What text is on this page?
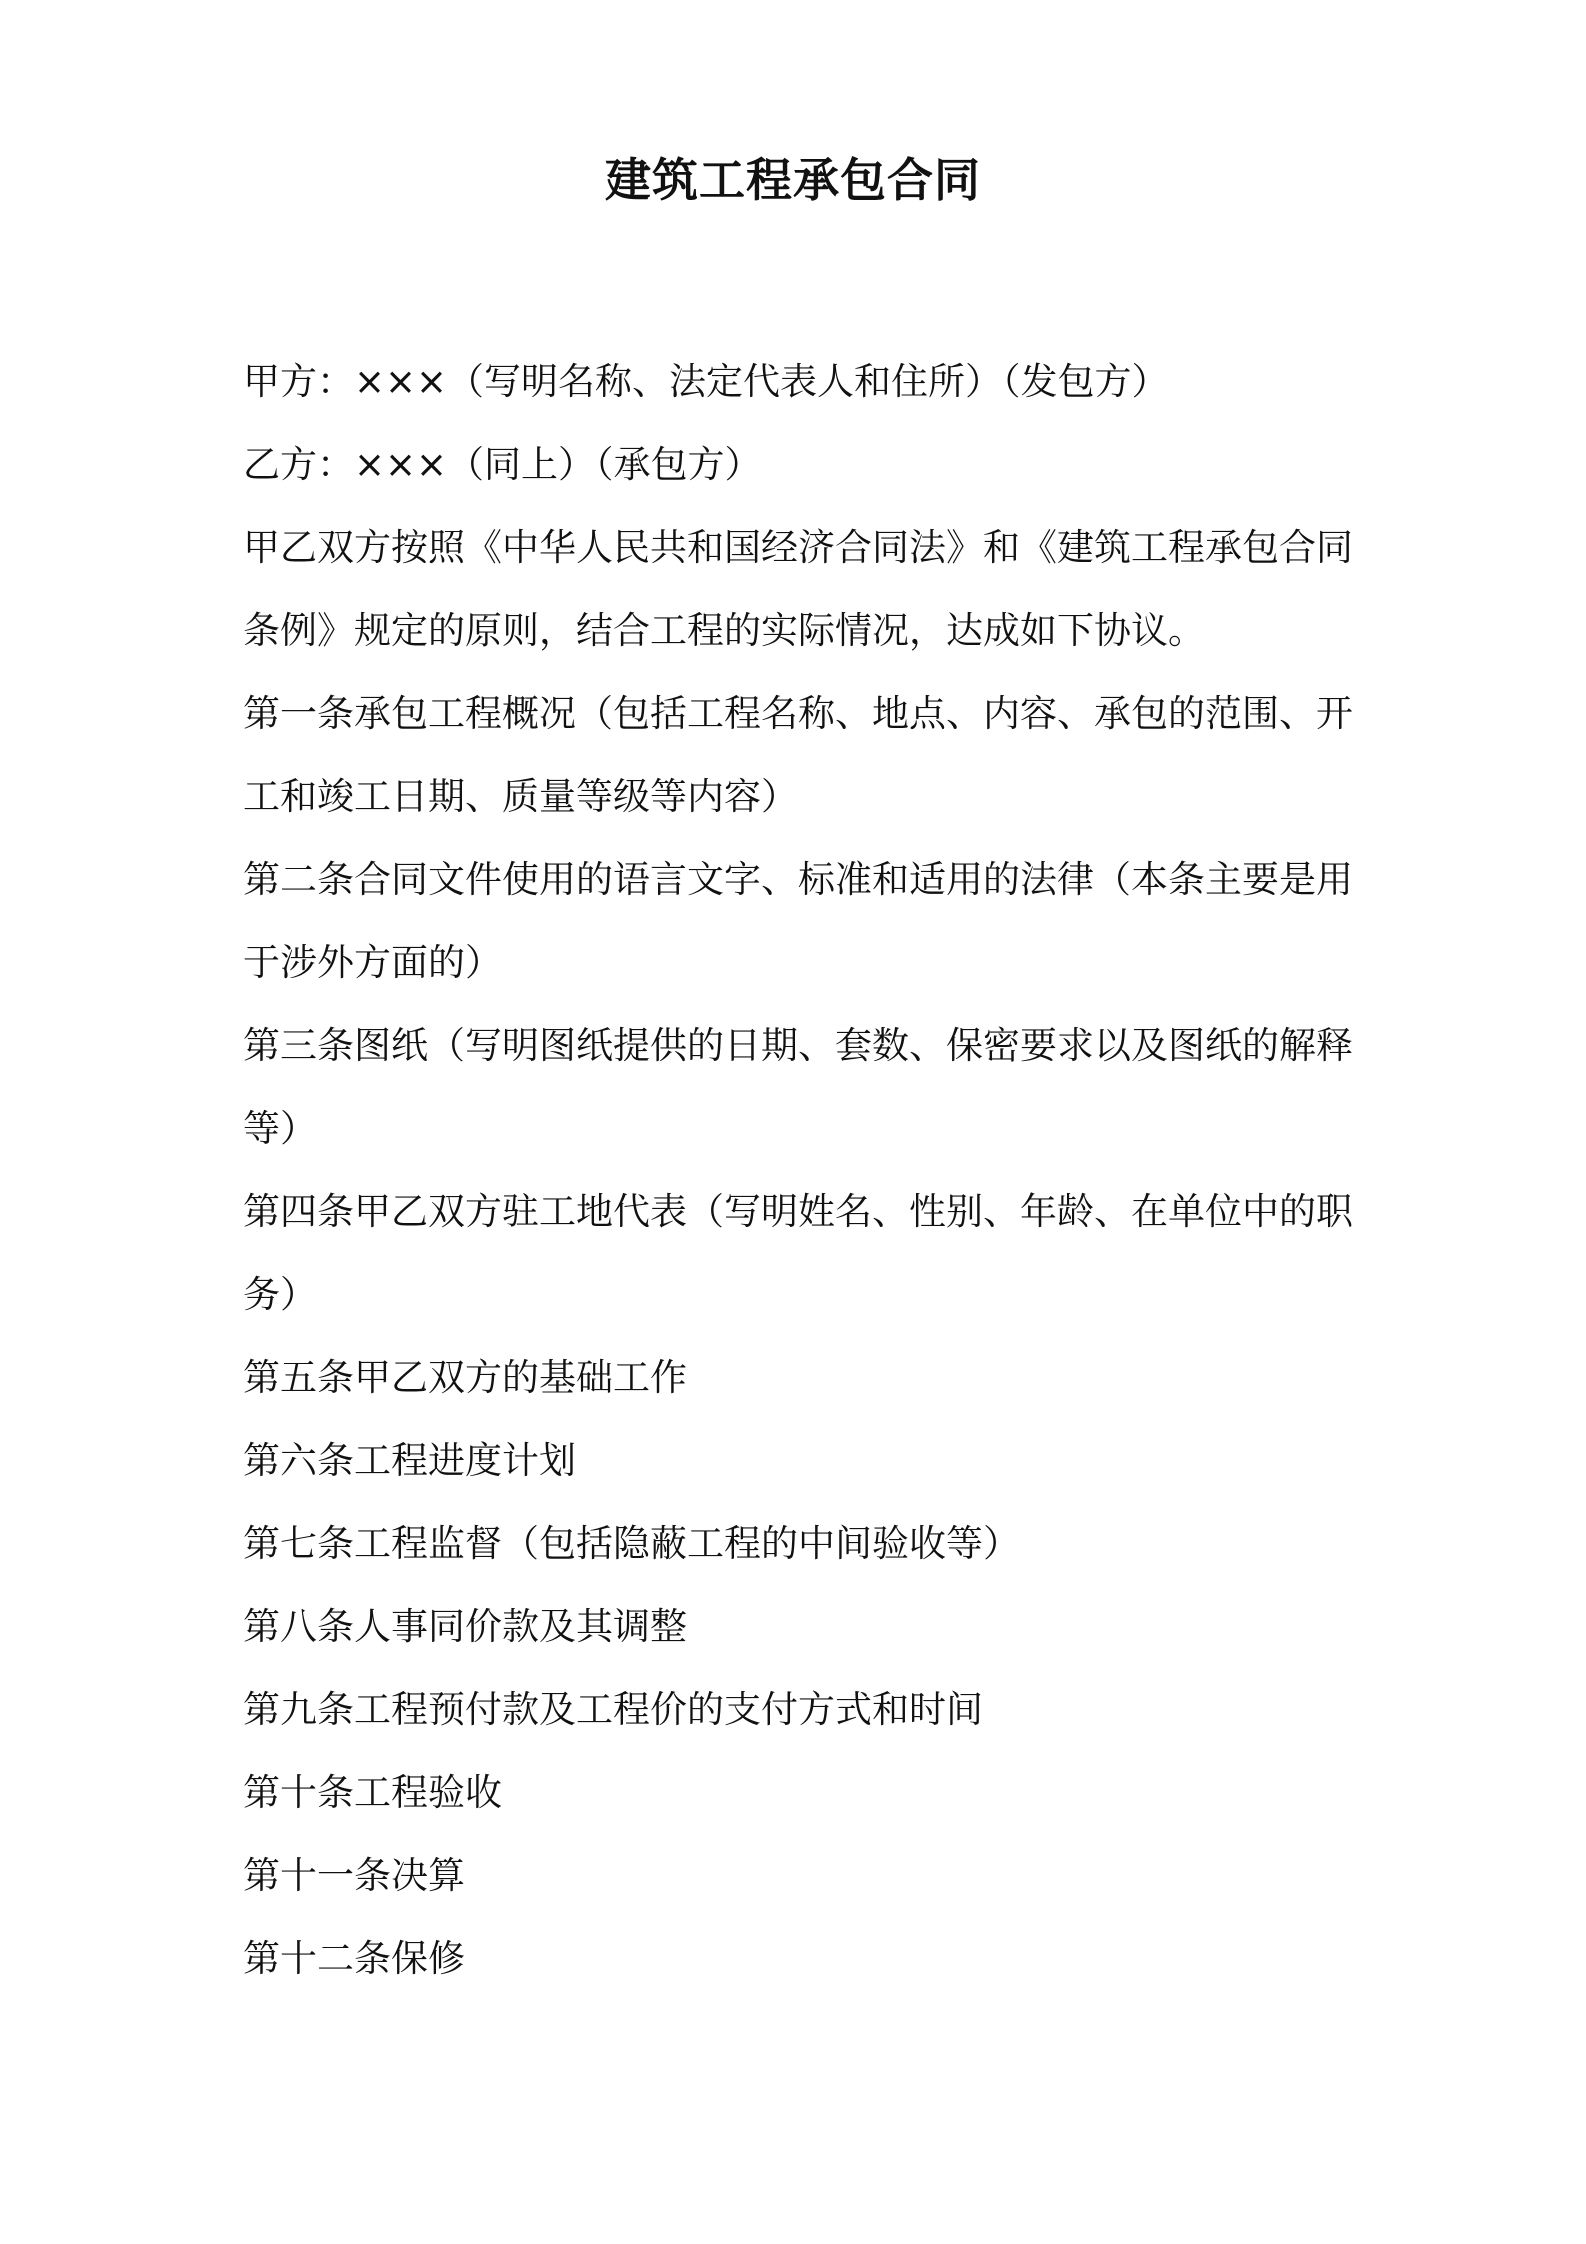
建筑工程承包合同

甲方：×××（写明名称、法定代表人和住所）（发包方）

乙方：×××（同上）（承包方）

甲乙双方按照《中华人民共和国经济合同法》和《建筑工程承包合同条例》规定的原则，结合工程的实际情况，达成如下协议。

第一条承包工程概况（包括工程名称、地点、内容、承包的范围、开工和竣工日期、质量等级等内容）

第二条合同文件使用的语言文字、标准和适用的法律（本条主要是用于涉外方面的）

第三条图纸（写明图纸提供的日期、套数、保密要求以及图纸的解释等）

第四条甲乙双方驻工地代表（写明姓名、性别、年龄、在单位中的职务）

第五条甲乙双方的基础工作

第六条工程进度计划

第七条工程监督（包括隐蔽工程的中间验收等）

第八条人事同价款及其调整

第九条工程预付款及工程价的支付方式和时间

第十条工程验收

第十一条决算

第十二条保修
